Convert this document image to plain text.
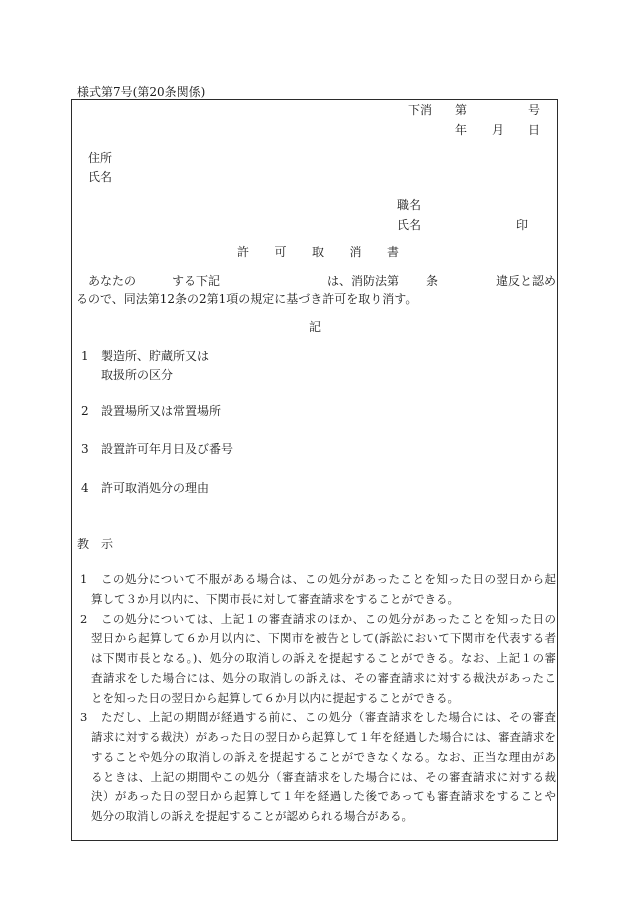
様式第7号(第20条関係)
下消 第	号
年 月 日
住所
氏名
職名
氏名	印
許 可 取 消 書
あなたの	する下記	は、消防法第 条	違反と認め
るので、同法第12条の2第1項の規定に基づき許可を取り消す。
記
1 製造所、貯蔵所又は
取扱所の区分
2 設置場所又は常置場所
3 設置許可年月日及び番号
4 許可取消処分の理由
教　示
1 この処分について不服がある場合は、この処分があったことを知った日の翌日から起
算して３か月以内に、下関市長に対して審査請求をすることができる。
2 この処分については、上記１の審査請求のほか、この処分があったことを知った日の
翌日から起算して６か月以内に、下関市を被告として(訴訟において下関市を代表する者
は下関市長となる。)、処分の取消しの訴えを提起することができる。なお、上記１の審
査請求をした場合には、処分の取消しの訴えは、その審査請求に対する裁決があったこ
とを知った日の翌日から起算して６か月以内に提起することができる。
3 ただし、上記の期間が経過する前に、この処分（審査請求をした場合には、その審査
請求に対する裁決）があった日の翌日から起算して１年を経過した場合には、審査請求を
することや処分の取消しの訴えを提起することができなくなる。なお、正当な理由があ
るときは、上記の期間やこの処分（審査請求をした場合には、その審査請求に対する裁
決）があった日の翌日から起算して１年を経過した後であっても審査請求をすることや
処分の取消しの訴えを提起することが認められる場合がある。
